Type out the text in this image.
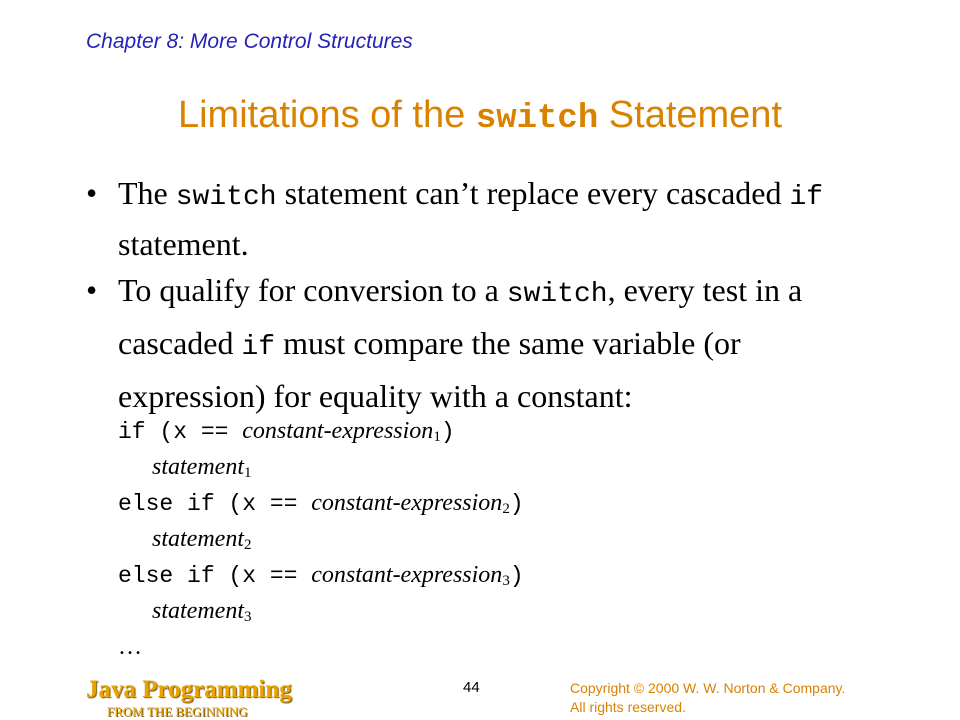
Chapter 8: More Control Structures
Limitations of the switch Statement
• The switch statement can’t replace every cascaded if statement.
• To qualify for conversion to a switch, every test in a cascaded if must compare the same variable (or expression) for equality with a constant:
if (x == constant-expression$_1$)
statement$_1$
else if (x == constant-expression$_2$)
statement$_2$
else if (x == constant-expression$_3$)
statement$_3$
…
Java Programming
FROM THE BEGINNING
44	Copyright © 2000 W. W. Norton & Company.
All rights reserved.
